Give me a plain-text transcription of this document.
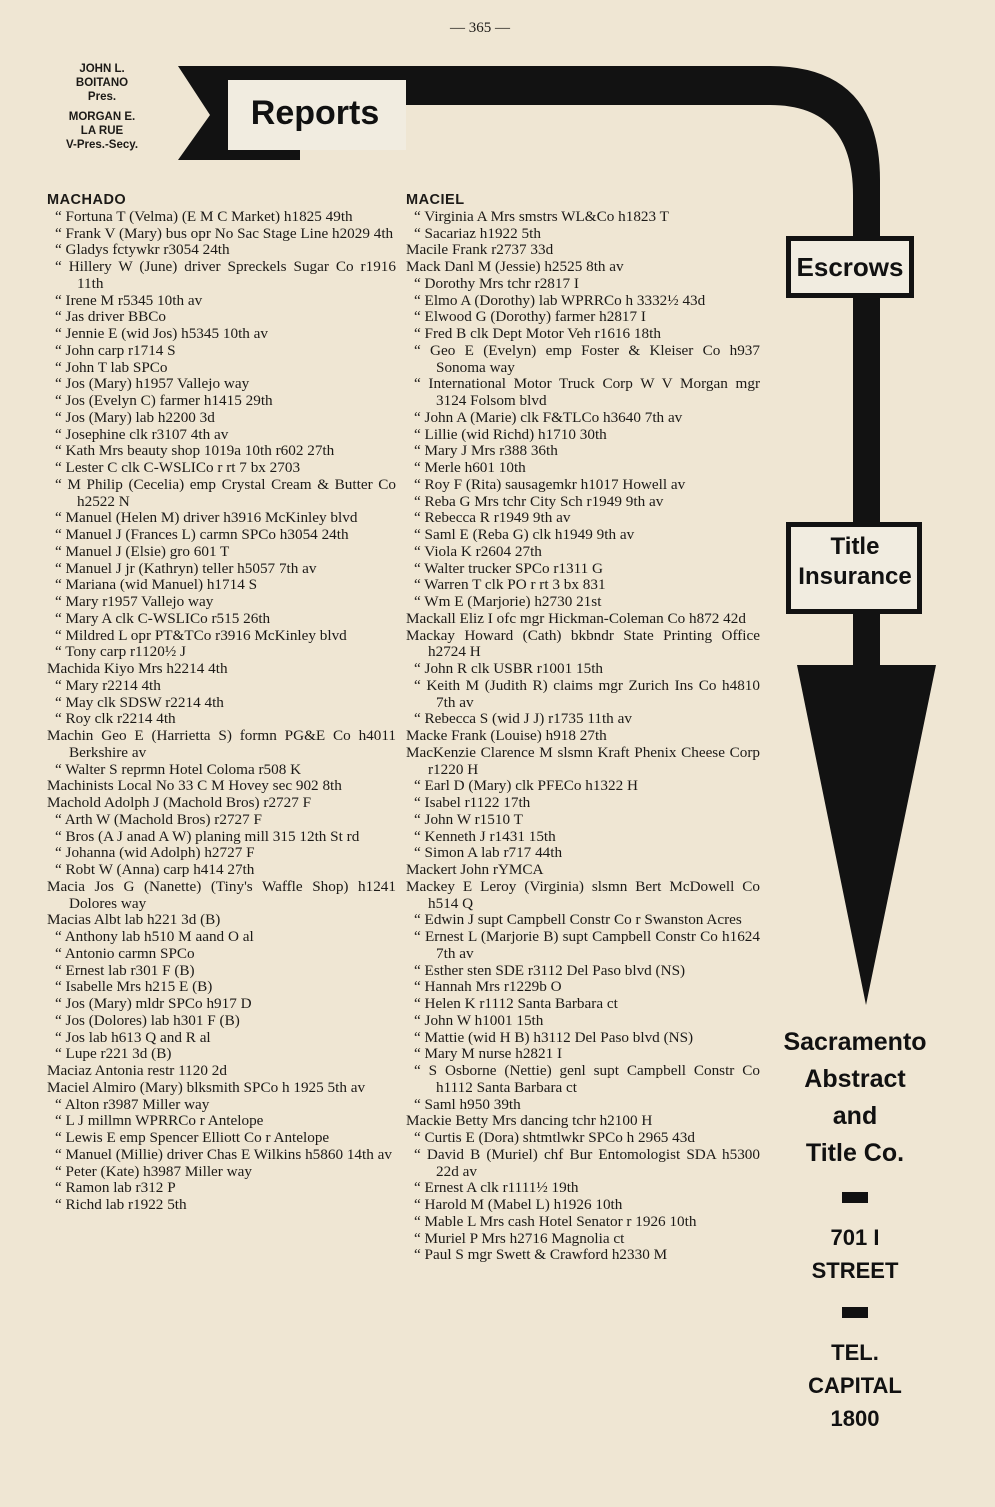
— 365 —
JOHN L.
BOITANO
Pres.
MORGAN E.
LA RUE
V-Pres.-Secy.
Reports
Escrows
Title
Insurance
Sacramento
Abstract
and
Title Co.
701 I
STREET
TEL.
CAPITAL
1800
MACHADO
“ Fortuna T (Velma) (E M C Market) h1825 49th
“ Frank V (Mary) bus opr No Sac Stage Line h2029 4th
“ Gladys fctywkr r3054 24th
“ Hillery W (June) driver Spreckels Sugar Co r1916 11th
“ Irene M r5345 10th av
“ Jas driver BBCo
“ Jennie E (wid Jos) h5345 10th av
“ John carp r1714 S
“ John T lab SPCo
“ Jos (Mary) h1957 Vallejo way
“ Jos (Evelyn C) farmer h1415 29th
“ Jos (Mary) lab h2200 3d
“ Josephine clk r3107 4th av
“ Kath Mrs beauty shop 1019a 10th r602 27th
“ Lester C clk C-WSLICo r rt 7 bx 2703
“ M Philip (Cecelia) emp Crystal Cream & Butter Co h2522 N
“ Manuel (Helen M) driver h3916 McKinley blvd
“ Manuel J (Frances L) carmn SPCo h3054 24th
“ Manuel J (Elsie) gro 601 T
“ Manuel J jr (Kathryn) teller h5057 7th av
“ Mariana (wid Manuel) h1714 S
“ Mary r1957 Vallejo way
“ Mary A clk C-WSLICo r515 26th
“ Mildred L opr PT&TCo r3916 McKinley blvd
“ Tony carp r1120½ J
Machida Kiyo Mrs h2214 4th
“ Mary r2214 4th
“ May clk SDSW r2214 4th
“ Roy clk r2214 4th
Machin Geo E (Harrietta S) formn PG&E Co h4011 Berkshire av
“ Walter S reprmn Hotel Coloma r508 K
Machinists Local No 33 C M Hovey sec 902 8th
Machold Adolph J (Machold Bros) r2727 F
“ Arth W (Machold Bros) r2727 F
“ Bros (A J anad A W) planing mill 315 12th St rd
“ Johanna (wid Adolph) h2727 F
“ Robt W (Anna) carp h414 27th
Macia Jos G (Nanette) (Tiny's Waffle Shop) h1241 Dolores way
Macias Albt lab h221 3d (B)
“ Anthony lab h510 M aand O al
“ Antonio carmn SPCo
“ Ernest lab r301 F (B)
“ Isabelle Mrs h215 E (B)
“ Jos (Mary) mldr SPCo h917 D
“ Jos (Dolores) lab h301 F (B)
“ Jos lab h613 Q and R al
“ Lupe r221 3d (B)
Maciaz Antonia restr 1120 2d
Maciel Almiro (Mary) blksmith SPCo h 1925 5th av
“ Alton r3987 Miller way
“ L J millmn WPRRCo r Antelope
“ Lewis E emp Spencer Elliott Co r Antelope
“ Manuel (Millie) driver Chas E Wilkins h5860 14th av
“ Peter (Kate) h3987 Miller way
“ Ramon lab r312 P
“ Richd lab r1922 5th
MACIEL
“ Virginia A Mrs smstrs WL&Co h1823 T
“ Sacariaz h1922 5th
Macile Frank r2737 33d
Mack Danl M (Jessie) h2525 8th av
“ Dorothy Mrs tchr r2817 I
“ Elmo A (Dorothy) lab WPRRCo h 3332½ 43d
“ Elwood G (Dorothy) farmer h2817 I
“ Fred B clk Dept Motor Veh r1616 18th
“ Geo E (Evelyn) emp Foster & Kleiser Co h937 Sonoma way
“ International Motor Truck Corp W V Morgan mgr 3124 Folsom blvd
“ John A (Marie) clk F&TLCo h3640 7th av
“ Lillie (wid Richd) h1710 30th
“ Mary J Mrs r388 36th
“ Merle h601 10th
“ Roy F (Rita) sausagemkr h1017 Howell av
“ Reba G Mrs tchr City Sch r1949 9th av
“ Rebecca R r1949 9th av
“ Saml E (Reba G) clk h1949 9th av
“ Viola K r2604 27th
“ Walter trucker SPCo r1311 G
“ Warren T clk PO r rt 3 bx 831
“ Wm E (Marjorie) h2730 21st
Mackall Eliz I ofc mgr Hickman-Coleman Co h872 42d
Mackay Howard (Cath) bkbndr State Printing Office h2724 H
“ John R clk USBR r1001 15th
“ Keith M (Judith R) claims mgr Zurich Ins Co h4810 7th av
“ Rebecca S (wid J J) r1735 11th av
Macke Frank (Louise) h918 27th
MacKenzie Clarence M slsmn Kraft Phenix Cheese Corp r1220 H
“ Earl D (Mary) clk PFECo h1322 H
“ Isabel r1122 17th
“ John W r1510 T
“ Kenneth J r1431 15th
“ Simon A lab r717 44th
Mackert John rYMCA
Mackey E Leroy (Virginia) slsmn Bert McDowell Co h514 Q
“ Edwin J supt Campbell Constr Co r Swanston Acres
“ Ernest L (Marjorie B) supt Campbell Constr Co h1624 7th av
“ Esther sten SDE r3112 Del Paso blvd (NS)
“ Hannah Mrs r1229b O
“ Helen K r1112 Santa Barbara ct
“ John W h1001 15th
“ Mattie (wid H B) h3112 Del Paso blvd (NS)
“ Mary M nurse h2821 I
“ S Osborne (Nettie) genl supt Campbell Constr Co h1112 Santa Barbara ct
“ Saml h950 39th
Mackie Betty Mrs dancing tchr h2100 H
“ Curtis E (Dora) shtmtlwkr SPCo h 2965 43d
“ David B (Muriel) chf Bur Entomologist SDA h5300 22d av
“ Ernest A clk r1111½ 19th
“ Harold M (Mabel L) h1926 10th
“ Mable L Mrs cash Hotel Senator r 1926 10th
“ Muriel P Mrs h2716 Magnolia ct
“ Paul S mgr Swett & Crawford h2330 M
